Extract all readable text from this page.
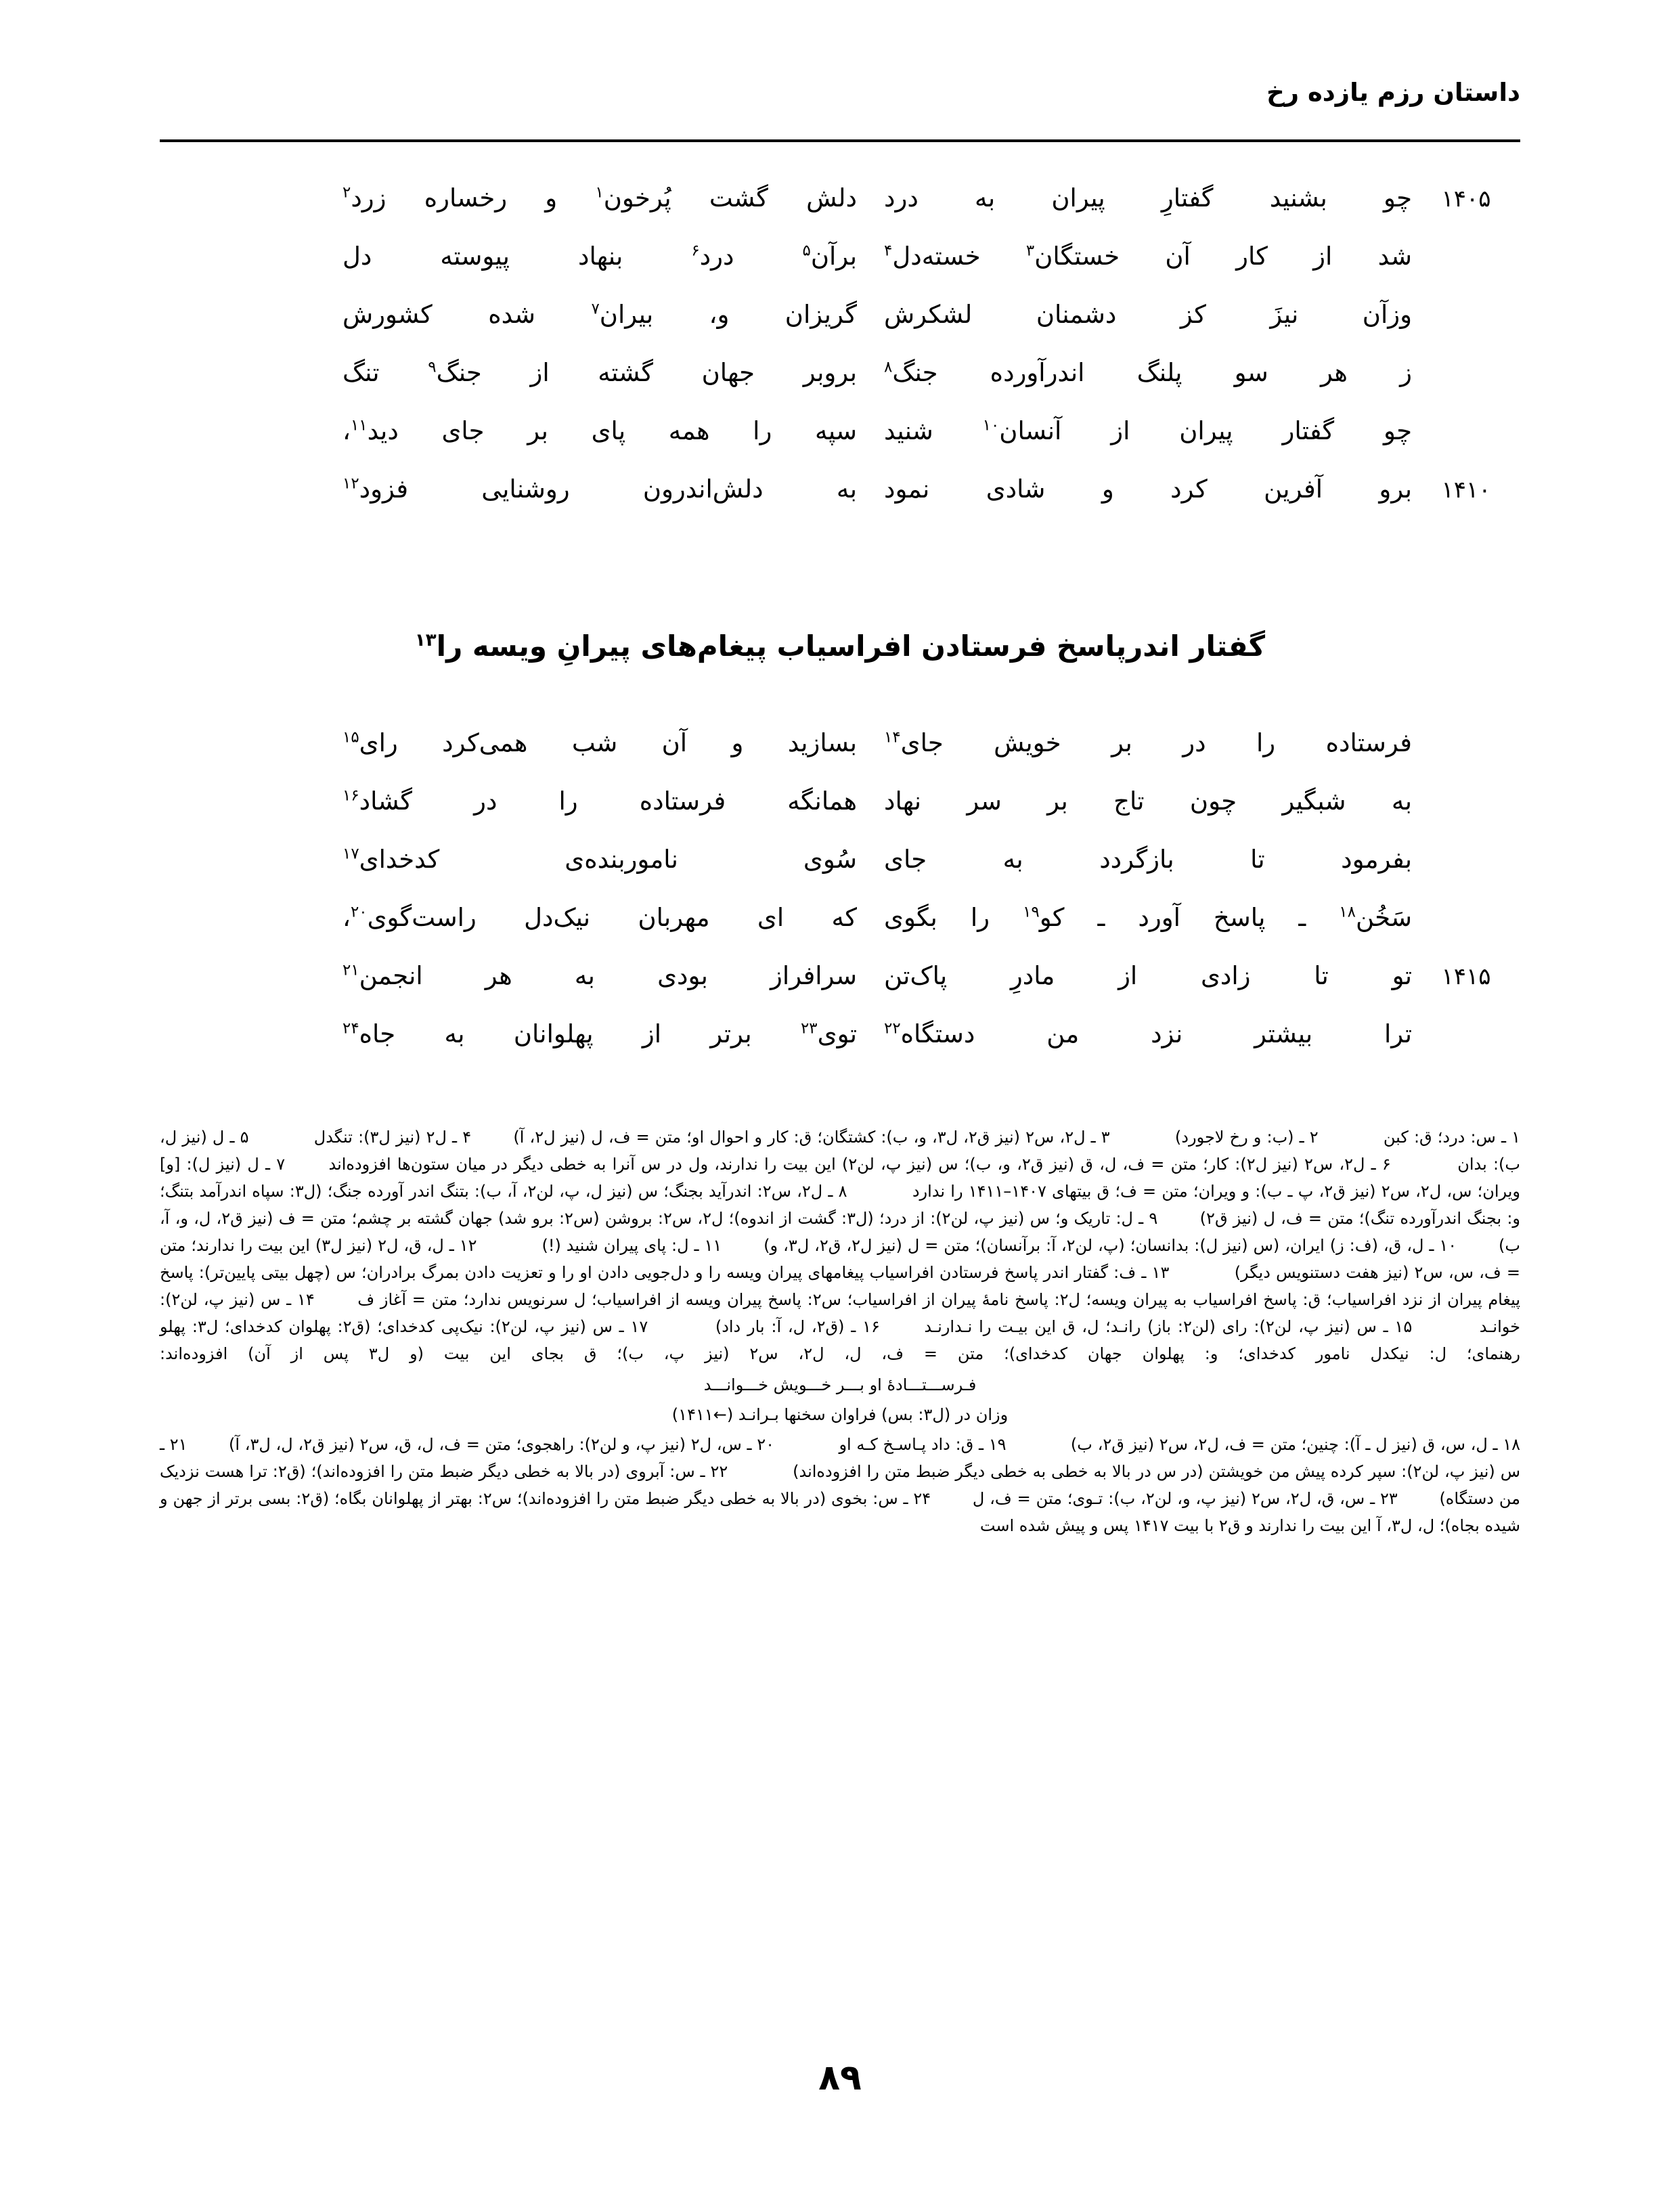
داستان رزم یازده رخ
۱۴۰۵
چو بشنید گفتارِ پیران به درد
دلش گشت پُرخون$^۱$ و رخساره زرد$^۲$
شد از کار آن خستگان$^۳$ خسته‌دل$^۴$
برآن$^۵$ درد$^۶$ بنهاد پیوسته دل
وزآن نیزَ کز دشمنان لشکرش
گریزان و، بیران$^۷$ شده کشورش
ز هر سو پلنگ اندرآورده جنگ$^۸$
بروبر جهان گشته از جنگ$^۹$ تنگ
چو گفتار پیران از آنسان$^{۱۰}$ شنید
سپه را همه پای بر جای دید$^{۱۱}$،
۱۴۱۰
برو آفرین کرد و شادی نمود
به دلش‌اندرون روشنایی فزود$^{۱۲}$
گفتار اندرپاسخ فرستادن افراسیاب پیغام‌های پیرانِ ویسه را$^{۱۳}$
فرستاده را در بر خویش جای$^{۱۴}$
بسازید و آن شب همی‌کرد رای$^{۱۵}$
به شبگیر چون تاج بر سر نهاد
همانگه فرستاده را در گشاد$^{۱۶}$
بفرمود تا بازگردد به جای
سُوی ناموربنده‌ی کدخدای$^{۱۷}$
سَخُن$^{۱۸}$ ـ پاسخ آورد ـ کو$^{۱۹}$ را بگوی
که ای مهربان نیک‌دل راست‌گوی$^{۲۰}$،
۱۴۱۵
تو تا زادی از مادرِ پاک‌تن
سرافراز بودی به هر انجمن$^{۲۱}$
ترا بیشتر نزد من دستگاه$^{۲۲}$
توی$^{۲۳}$ برتر از پهلوانان به جاه$^{۲۴}$

۱ ـ س: درد؛ ق: کبن  ۲ ـ (ب: و رخ لاجورد)  ۳ ـ ل٢، س٢ (نیز ق٢، ل٣، و، ب): کشتگان؛ ق: کار و احوال او؛ متن = ف، ل (نیز ل٢، آ)  ۴ ـ ل٢ (نیز ل٣): تنگدل  ۵ ـ ل (نیز ل، ب): بدان  ۶ ـ ل٢، س٢ (نیز ل٢): کار؛ متن = ف، ل، ق (نیز ق٢، و، ب)؛ س (نیز پ، لن٢) این بیت را ندارند، ول در س آنرا به خطی دیگر در میان ستون‌ها افزوده‌اند  ۷ ـ ل (نیز ل): [و] ویران؛ س، ل٢، س٢ (نیز ق٢، پ ـ ب): و ویران؛ متن = ف؛ ق بیتهای ۱۴۰۷–۱۴۱۱ را ندارد  ۸ ـ ل٢، س٢: اندرآید بجنگ؛ س (نیز ل، پ، لن٢، آ، ب): بتنگ اندر آورده جنگ؛ (ل٣: سپاه اندرآمد بتنگ؛ و: بجنگ اندرآورده تنگ)؛ متن = ف، ل (نیز ق٢)  ۹ ـ ل: تاریک و؛ س (نیز پ، لن٢): از درد؛ (ل٣: گشت از اندوه)؛ ل٢، س٢: بروشن (س٢: برو شد) جهان گشته بر چشم؛ متن = ف (نیز ق٢، ل، و، آ، ب)  ۱۰ ـ ل، ق، (ف: ز) ایران، (س (نیز ل): بدانسان؛ (پ، لن٢، آ: برآنسان)؛ متن = ل (نیز ل٢، ق٢، ل٣، و)  ۱۱ ـ ل: پای پیران شنید (!)  ۱۲ ـ ل، ق، ل٢ (نیز ل٣) این بیت را ندارند؛ متن = ف، س، س٢ (نیز هفت دستنویس دیگر)  ۱۳ ـ ف: گفتار اندر پاسخ فرستادن افراسیاب پیغامهای پیران ویسه را و دل‌جویی دادن او را و تعزیت دادن بمرگ برادران؛ س (چهل بیتی پایین‌تر): پاسخ پیغام پیران از نزد افراسیاب؛ ق: پاسخ افراسیاب به پیران ویسه؛ ل٢: پاسخ نامهٔ پیران از افراسیاب؛ س٢: پاسخ پیران ویسه از افراسیاب؛ ل سرنویس ندارد؛ متن = آغاز ف  ۱۴ ـ س (نیز پ، لن٢): خوانـد  ۱۵ ـ س (نیز پ، لن٢): رای (لن٢: باز) رانـد؛ ل، ق این بیـت را نـدارنـد  ۱۶ ـ (ق٢، ل، آ: بار داد)  ۱۷ ـ س (نیز پ، لن٢): نیک‌پی کدخدای؛ (ق٢: پهلوان کدخدای؛ ل٣: پهلو رهنمای؛ ل: نیکدل نامور کدخدای؛ و: پهلوان جهان کدخدای)؛ متن = ف، ل، ل٢، س٢ (نیز پ، ب)؛ ق بجای این بیت (و ل٣ پس از آن) افزوده‌اند:

فـرســـتـــادهٔ او بـــر خـــویش خـــوانـــد
وزان در (ل٣: بس) فراوان سخنها بـرانـد (←۱۴۱۱)

۱۸ ـ ل، س، ق (نیز ل ـ آ): چنین؛ متن = ف، ل٢، س٢ (نیز ق٢، ب)  ۱۹ ـ ق: داد پـاسـخ کـه او  ۲۰ ـ س، ل٢ (نیز پ، و لن٢): راهجوی؛ متن = ف، ل، ق، س٢ (نیز ق٢، ل، ل٣، آ)  ۲۱ ـ س (نیز پ، لن٢): سپر کرده پیش من خویشتن (در س در بالا به خطی به خطی دیگر ضبط متن را افزوده‌اند)  ۲۲ ـ س: آبروی (در بالا به خطی دیگر ضبط متن را افزوده‌اند)؛ (ق٢: ترا هست نزدیک من دستگاه)  ۲۳ ـ س، ق، ل٢، س٢ (نیز پ، و، لن٢، ب): تـوی؛ متن = ف، ل  ۲۴ ـ س: بخوی (در بالا به خطی دیگر ضبط متن را افزوده‌اند)؛ س٢: بهتر از پهلوانان بگاه؛ (ق٢: بسی برتر از جهن و شیده بجاه)؛ ل، ل٣، آ این بیت را ندارند و ق٢ با بیت ۱۴۱۷ پس و پیش شده است

۸۹
